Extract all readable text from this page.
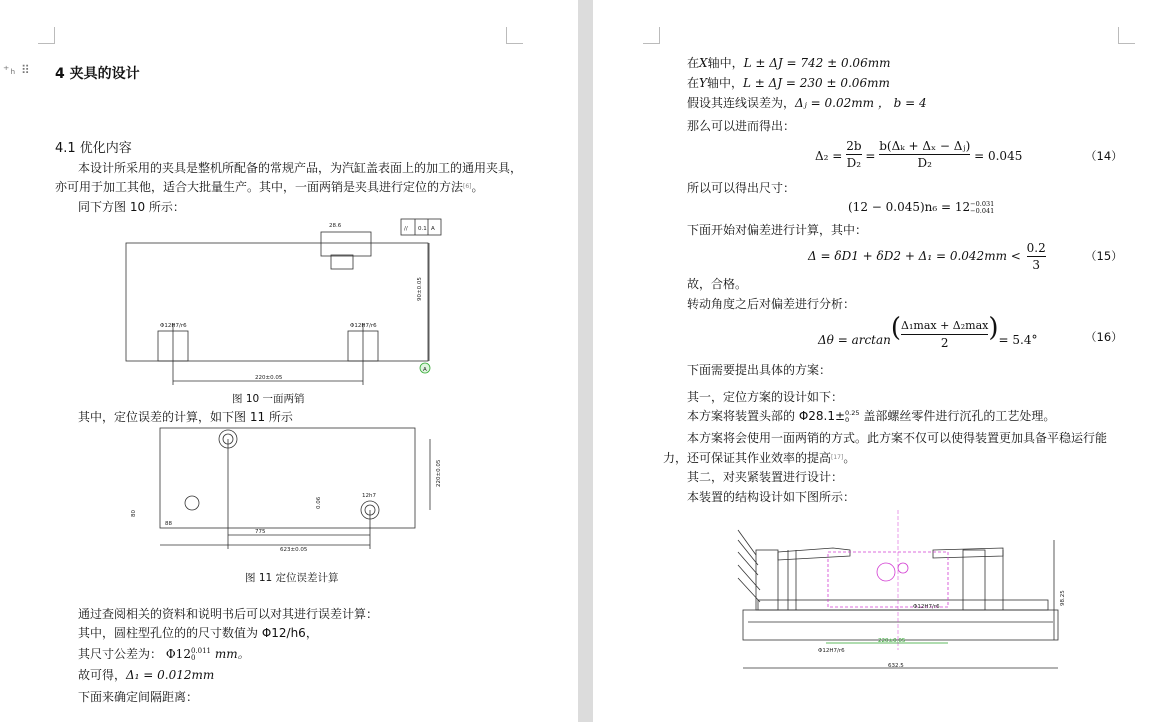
⁺ₕ ⠿ 4 夹具的设计
4.1 优化内容
本设计所采用的夹具是整机所配备的常规产品，为汽缸盖表面上的加工的通用夹具，
亦可用于加工其他，适合大批量生产。其中，一面两销是夹具进行定位的方法[6]。
同下方图 10 所示：
// 0.1 A
28.6
90±0.05
Φ12H7/r6	Φ12H7/r6
220±0.05
A
图 10 一面两销
其中，定位误差的计算，如下图 11 所示
775
623±0.05
220±0.05
12h7
80
88
0.06
图 11 定位误差计算
通过查阅相关的资料和说明书后可以对其进行误差计算：
其中，圆柱型孔位的的尺寸数值为 Φ12/h6，
其尺寸公差为： Φ12 0.011
0	mm。
故可得，Δ₁ = 0.012mm
下面来确定间隔距离：
在X轴中，L ± ΔJ = 742 ± 0.06mm
在Y轴中，L ± ΔJ = 230 ± 0.06mm
假设其连线误差为，Δⱼ = 0.02mm ， b = 4
那么可以进而得出：
$\Delta_2 = \frac{2b}{\text{D₂}} = \frac{\text{b(Δₖ + Δₓ − Δⱼ)}}{\text{D₂}} = 0.045$	（14）
所以可以得出尺寸：
(12 − 0.045)n₆ = 12 −0.031
−0.041
下面开始对偏差进行计算，其中：
$\Delta = \delta D1 + \delta D2 + \Delta_1 = 0.042mm < \frac{0.2}{3}$	（15）
故，合格。
转动角度之后对偏差进行分析：
Δθ = arctan( Δ₁max + Δ₂max
2	)= 5.4°	（16）
下面需要提出具体的方案：
其一，定位方案的设计如下：
本方案将装置头部的 Φ28.1± 0.25
0 盖部螺丝零件进行沉孔的工艺处理。
本方案将会使用一面两销的方式。此方案不仅可以使得装置更加具备平稳运行能
力，还可保证其作业效率的提高[17]。
其二，对夹紧装置进行设计：
本装置的结构设计如下图所示：
98.25
632.5
220±0.05
Φ12H7/r6
Φ12H7/r6
